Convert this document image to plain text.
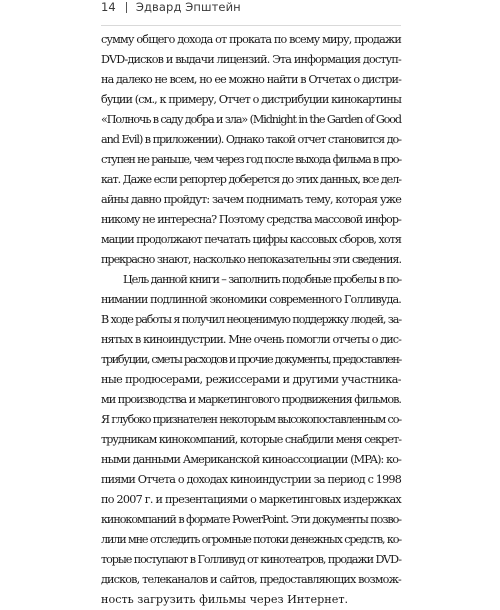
14 Эдвард Эпштейн
сумму общего дохода от проката по всему миру, продажи
DVD-дисков и выдачи лицензий. Эта информация доступ-
на далеко не всем, но ее можно найти в Отчетах о дистри-
буции (см., к примеру, Отчет о дистрибуции кинокартины
«Полночь в саду добра и зла» (Midnight in the Garden of Good
and Evil) в приложении). Однако такой отчет становится до-
ступен не раньше, чем через год после выхода фильма в про-
кат. Даже если репортер доберется до этих данных, все дел-
айны давно пройдут: зачем поднимать тему, которая уже
никому не интересна? Поэтому средства массовой инфор-
мации продолжают печатать цифры кассовых сборов, хотя
прекрасно знают, насколько непоказательны эти сведения.
Цель данной книги – заполнить подобные пробелы в по-
нимании подлинной экономики современного Голливуда.
В ходе работы я получил неоценимую поддержку людей, за-
нятых в киноиндустрии. Мне очень помогли отчеты о дис-
трибуции, сметы расходов и прочие документы, предоставлен-
ные продюсерами, режиссерами и другими участника-
ми производства и маркетингового продвижения фильмов.
Я глубоко признателен некоторым высокопоставленным со-
трудникам кинокомпаний, которые снабдили меня секрет-
ными данными Американской киноассоциации (MPA): ко-
пиями Отчета о доходах киноиндустрии за период с 1998
по 2007 г. и презентациями о маркетинговых издержках
кинокомпаний в формате PowerPoint. Эти документы позво-
лили мне отследить огромные потоки денежных средств, ко-
торые поступают в Голливуд от кинотеатров, продажи DVD-
дисков, телеканалов и сайтов, предоставляющих возмож-
ность загрузить фильмы через Интернет.
